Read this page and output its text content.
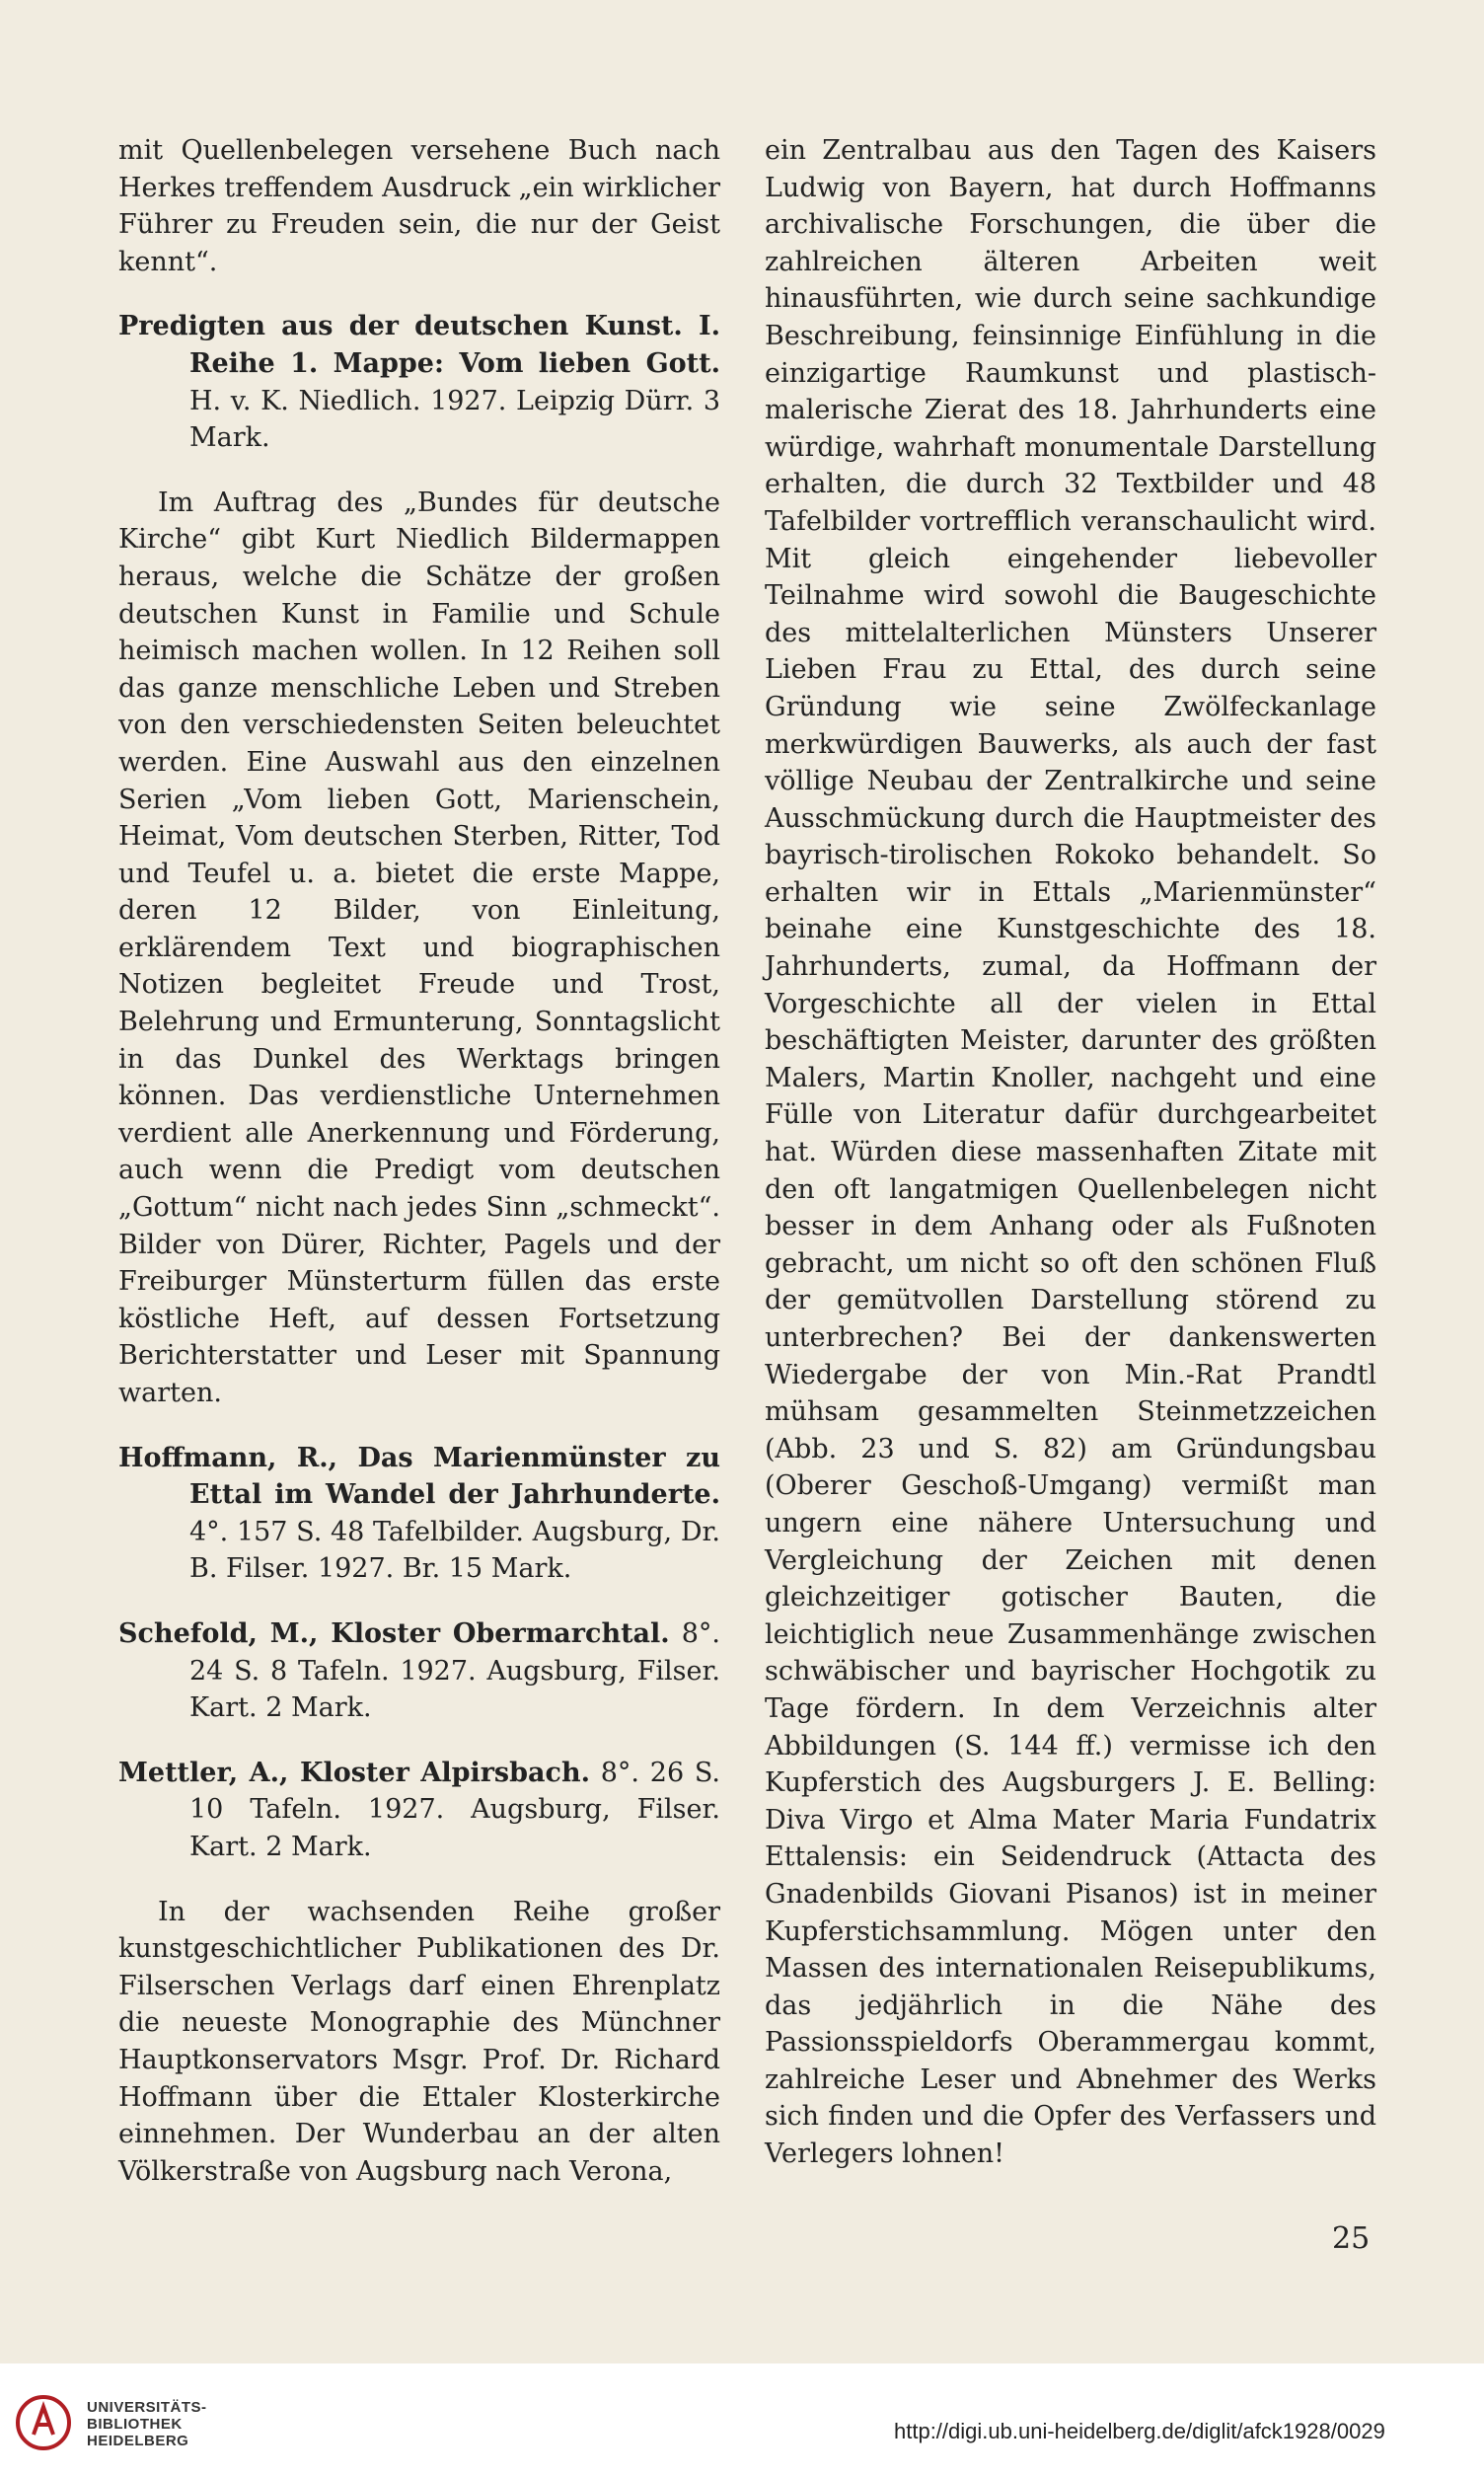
mit Quellenbelegen versehene Buch nach Herkes treffendem Ausdruck „ein wirklicher Führer zu Freuden sein, die nur der Geist kennt“.

Predigten aus der deutschen Kunst. I. Reihe 1. Mappe: Vom lieben Gott. H. v. K. Niedlich. 1927. Leipzig Dürr. 3 Mark.

Im Auftrag des „Bundes für deutsche Kirche“ gibt Kurt Niedlich Bildermappen heraus, welche die Schätze der großen deutschen Kunst in Familie und Schule heimisch machen wollen. In 12 Reihen soll das ganze menschliche Leben und Streben von den verschiedensten Seiten beleuchtet werden. Eine Auswahl aus den einzelnen Serien „Vom lieben Gott, Marienschein, Heimat, Vom deutschen Sterben, Ritter, Tod und Teufel u. a. bietet die erste Mappe, deren 12 Bilder, von Einleitung, erklärendem Text und biographischen Notizen begleitet Freude und Trost, Belehrung und Ermunterung, Sonntagslicht in das Dunkel des Werktags bringen können. Das verdienstliche Unternehmen verdient alle Anerkennung und Förderung, auch wenn die Predigt vom deutschen „Gottum“ nicht nach jedes Sinn „schmeckt“. Bilder von Dürer, Richter, Pagels und der Freiburger Münsterturm füllen das erste köstliche Heft, auf dessen Fortsetzung Berichterstatter und Leser mit Spannung warten.

Hoffmann, R., Das Marienmünster zu Ettal im Wandel der Jahrhunderte. 4°. 157 S. 48 Tafelbilder. Augsburg, Dr. B. Filser. 1927. Br. 15 Mark.

Schefold, M., Kloster Obermarchtal. 8°. 24 S. 8 Tafeln. 1927. Augsburg, Filser. Kart. 2 Mark.

Mettler, A., Kloster Alpirsbach. 8°. 26 S. 10 Tafeln. 1927. Augsburg, Filser. Kart. 2 Mark.

In der wachsenden Reihe großer kunstgeschichtlicher Publikationen des Dr. Filserschen Verlags darf einen Ehrenplatz die neueste Monographie des Münchner Hauptkonservators Msgr. Prof. Dr. Richard Hoffmann über die Ettaler Klosterkirche einnehmen. Der Wunderbau an der alten Völkerstraße von Augsburg nach Verona,

ein Zentralbau aus den Tagen des Kaisers Ludwig von Bayern, hat durch Hoffmanns archivalische Forschungen, die über die zahlreichen älteren Arbeiten weit hinausführten, wie durch seine sachkundige Beschreibung, feinsinnige Einfühlung in die einzigartige Raumkunst und plastisch-malerische Zierat des 18. Jahrhunderts eine würdige, wahrhaft monumentale Darstellung erhalten, die durch 32 Textbilder und 48 Tafelbilder vortrefflich veranschaulicht wird. Mit gleich eingehender liebevoller Teilnahme wird sowohl die Baugeschichte des mittelalterlichen Münsters Unserer Lieben Frau zu Ettal, des durch seine Gründung wie seine Zwölfeckanlage merkwürdigen Bauwerks, als auch der fast völlige Neubau der Zentralkirche und seine Ausschmückung durch die Hauptmeister des bayrisch-tirolischen Rokoko behandelt. So erhalten wir in Ettals „Marienmünster“ beinahe eine Kunstgeschichte des 18. Jahrhunderts, zumal, da Hoffmann der Vorgeschichte all der vielen in Ettal beschäftigten Meister, darunter des größten Malers, Martin Knoller, nachgeht und eine Fülle von Literatur dafür durchgearbeitet hat. Würden diese massenhaften Zitate mit den oft langatmigen Quellenbelegen nicht besser in dem Anhang oder als Fußnoten gebracht, um nicht so oft den schönen Fluß der gemütvollen Darstellung störend zu unterbrechen? Bei der dankenswerten Wiedergabe der von Min.-Rat Prandtl mühsam gesammelten Steinmetzzeichen (Abb. 23 und S. 82) am Gründungsbau (Oberer Geschoß-Umgang) vermißt man ungern eine nähere Untersuchung und Vergleichung der Zeichen mit denen gleichzeitiger gotischer Bauten, die leichtiglich neue Zusammenhänge zwischen schwäbischer und bayrischer Hochgotik zu Tage fördern. In dem Verzeichnis alter Abbildungen (S. 144 ff.) vermisse ich den Kupferstich des Augsburgers J. E. Belling: Diva Virgo et Alma Mater Maria Fundatrix Ettalensis: ein Seidendruck (Attacta des Gnadenbilds Giovani Pisanos) ist in meiner Kupferstichsammlung. Mögen unter den Massen des internationalen Reisepublikums, das jedjährlich in die Nähe des Passionsspieldorfs Oberammergau kommt, zahlreiche Leser und Abnehmer des Werks sich finden und die Opfer des Verfassers und Verlegers lohnen!

25
UNIVERSITÄTS-
BIBLIOTHEK
HEIDELBERG	http://digi.ub.uni-heidelberg.de/diglit/afck1928/0029
